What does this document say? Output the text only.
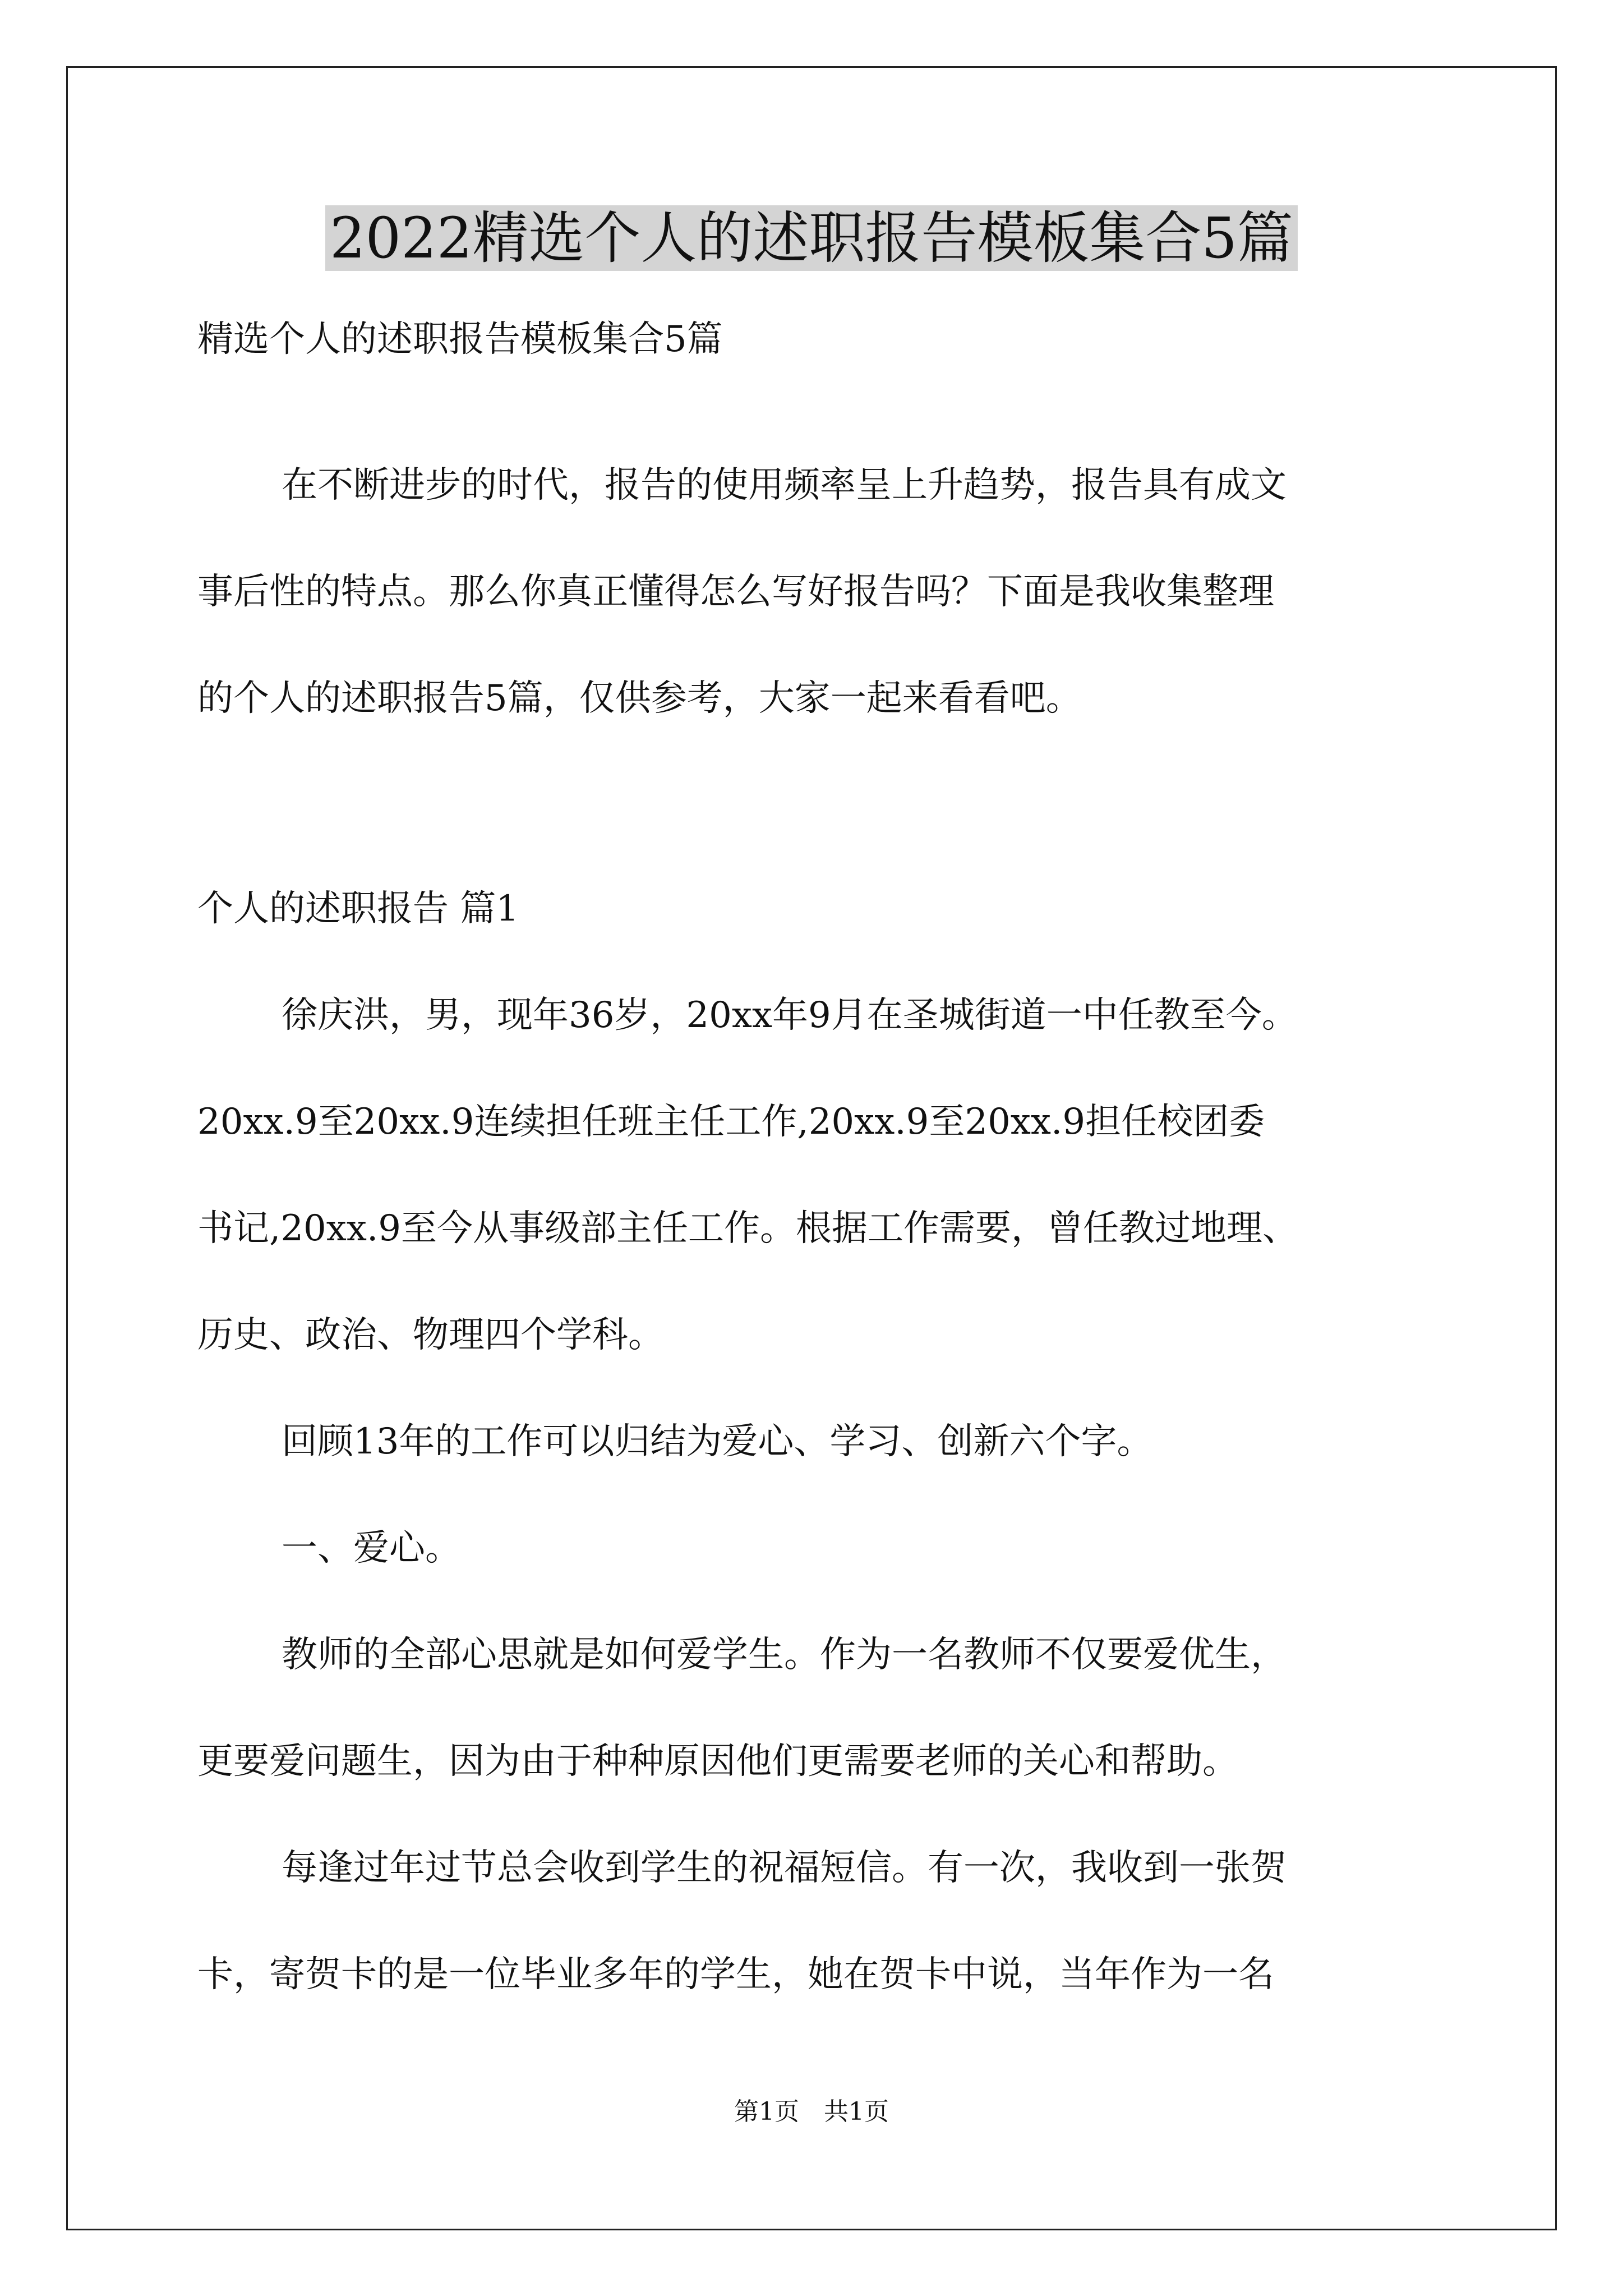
2022精选个人的述职报告模板集合5篇
精选个人的述职报告模板集合5篇
在不断进步的时代，报告的使用频率呈上升趋势，报告具有成文
事后性的特点。那么你真正懂得怎么写好报告吗？下面是我收集整理
的个人的述职报告5篇，仅供参考，大家一起来看看吧。
个人的述职报告 篇1
徐庆洪，男，现年36岁，20xx年9月在圣城街道一中任教至今。
20xx.9至20xx.9连续担任班主任工作,20xx.9至20xx.9担任校团委
书记,20xx.9至今从事级部主任工作。根据工作需要，曾任教过地理、
历史、政治、物理四个学科。
回顾13年的工作可以归结为爱心、学习、创新六个字。
一、爱心。
教师的全部心思就是如何爱学生。作为一名教师不仅要爱优生，
更要爱问题生，因为由于种种原因他们更需要老师的关心和帮助。
每逢过年过节总会收到学生的祝福短信。有一次，我收到一张贺
卡，寄贺卡的是一位毕业多年的学生，她在贺卡中说，当年作为一名
第1页　共1页
